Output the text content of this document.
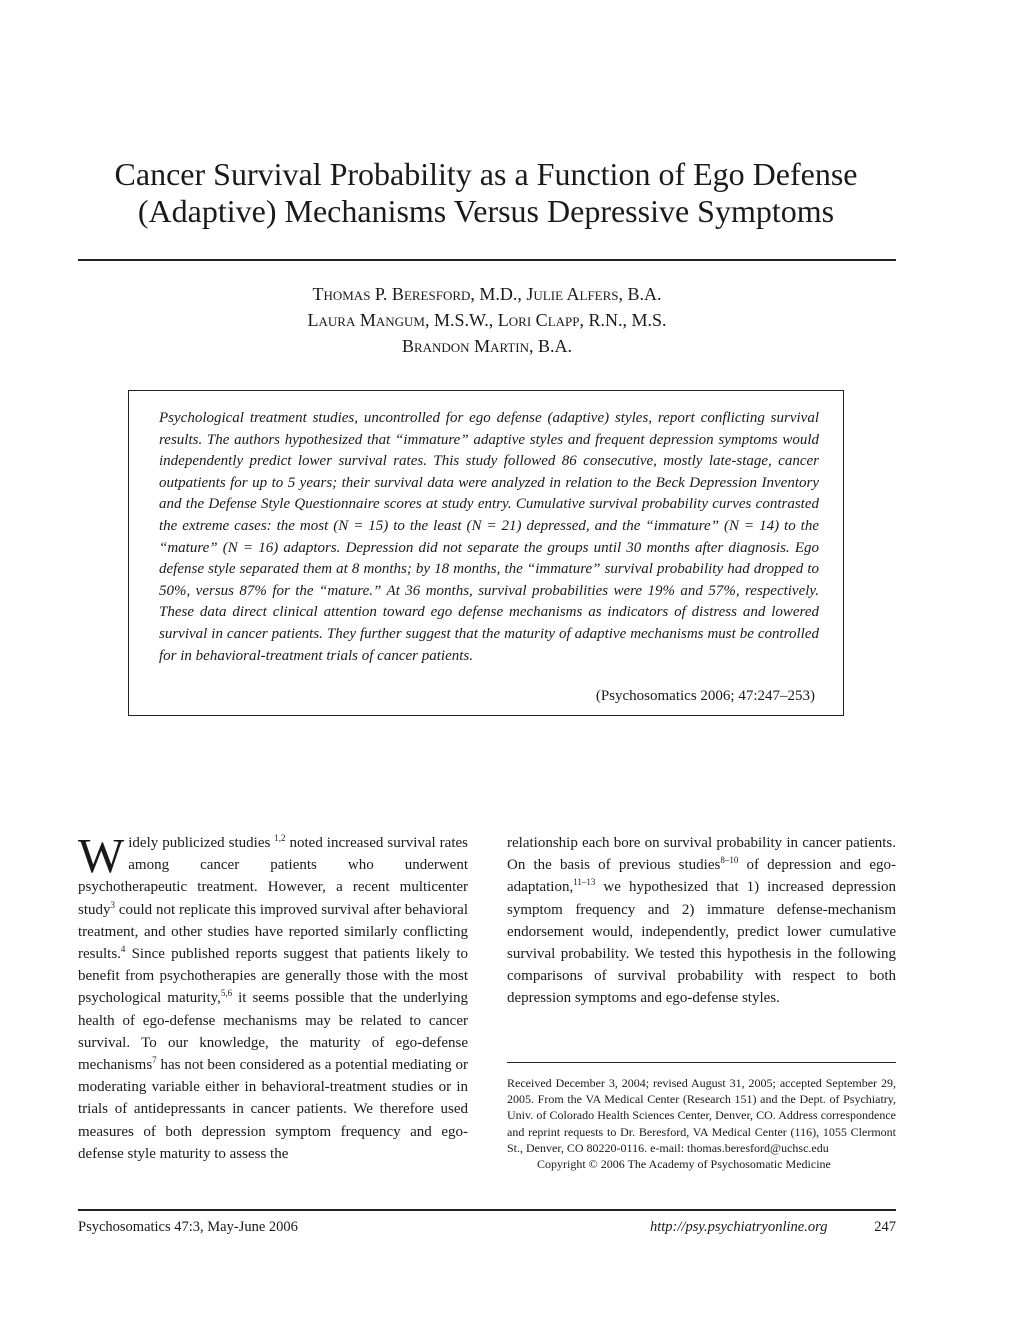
Cancer Survival Probability as a Function of Ego Defense
(Adaptive) Mechanisms Versus Depressive Symptoms
Thomas P. Beresford, M.D., Julie Alfers, B.A.
Laura Mangum, M.S.W., Lori Clapp, R.N., M.S.
Brandon Martin, B.A.

Psychological treatment studies, uncontrolled for ego defense (adaptive) styles, report conflicting survival results. The authors hypothesized that “immature” adaptive styles and frequent depression symptoms would independently predict lower survival rates. This study followed 86 consecutive, mostly late-stage, cancer outpatients for up to 5 years; their survival data were analyzed in relation to the Beck Depression Inventory and the Defense Style Questionnaire scores at study entry. Cumulative survival probability curves contrasted the extreme cases: the most (N = 15) to the least (N = 21) depressed, and the “immature” (N = 14) to the “mature” (N = 16) adaptors. Depression did not separate the groups until 30 months after diagnosis. Ego defense style separated them at 8 months; by 18 months, the “immature” survival probability had dropped to 50%, versus 87% for the “mature.” At 36 months, survival probabilities were 19% and 57%, respectively. These data direct clinical attention toward ego defense mechanisms as indicators of distress and lowered survival in cancer patients. They further suggest that the maturity of adaptive mechanisms must be controlled for in behavioral-treatment trials of cancer patients.

(Psychosomatics 2006; 47:247–253)
Widely publicized studies $^{1,2}$ noted increased survival rates among cancer patients who underwent psychotherapeutic treatment. However, a recent multicenter study$^3$ could not replicate this improved survival after behavioral treatment, and other studies have reported similarly conflicting results.$^4$ Since published reports suggest that patients likely to benefit from psychotherapies are generally those with the most psychological maturity,$^{5,6}$ it seems possible that the underlying health of ego-defense mechanisms may be related to cancer survival. To our knowledge, the maturity of ego-defense mechanisms$^7$ has not been considered as a potential mediating or moderating variable either in behavioral-treatment studies or in trials of antidepressants in cancer patients. We therefore used measures of both depression symptom frequency and ego-defense style maturity to assess the
relationship each bore on survival probability in cancer patients. On the basis of previous studies$^{8-10}$ of depression and ego-adaptation,$^{11-13}$ we hypothesized that 1) increased depression symptom frequency and 2) immature defense-mechanism endorsement would, independently, predict lower cumulative survival probability. We tested this hypothesis in the following comparisons of survival probability with respect to both depression symptoms and ego-defense styles.
Received December 3, 2004; revised August 31, 2005; accepted September 29, 2005. From the VA Medical Center (Research 151) and the Dept. of Psychiatry, Univ. of Colorado Health Sciences Center, Denver, CO. Address correspondence and reprint requests to Dr. Beresford, VA Medical Center (116), 1055 Clermont St., Denver, CO 80220-0116. e-mail: thomas.beresford@uchsc.edu
Copyright © 2006 The Academy of Psychosomatic Medicine
Psychosomatics 47:3, May-June 2006	http://psy.psychiatryonline.org	247
